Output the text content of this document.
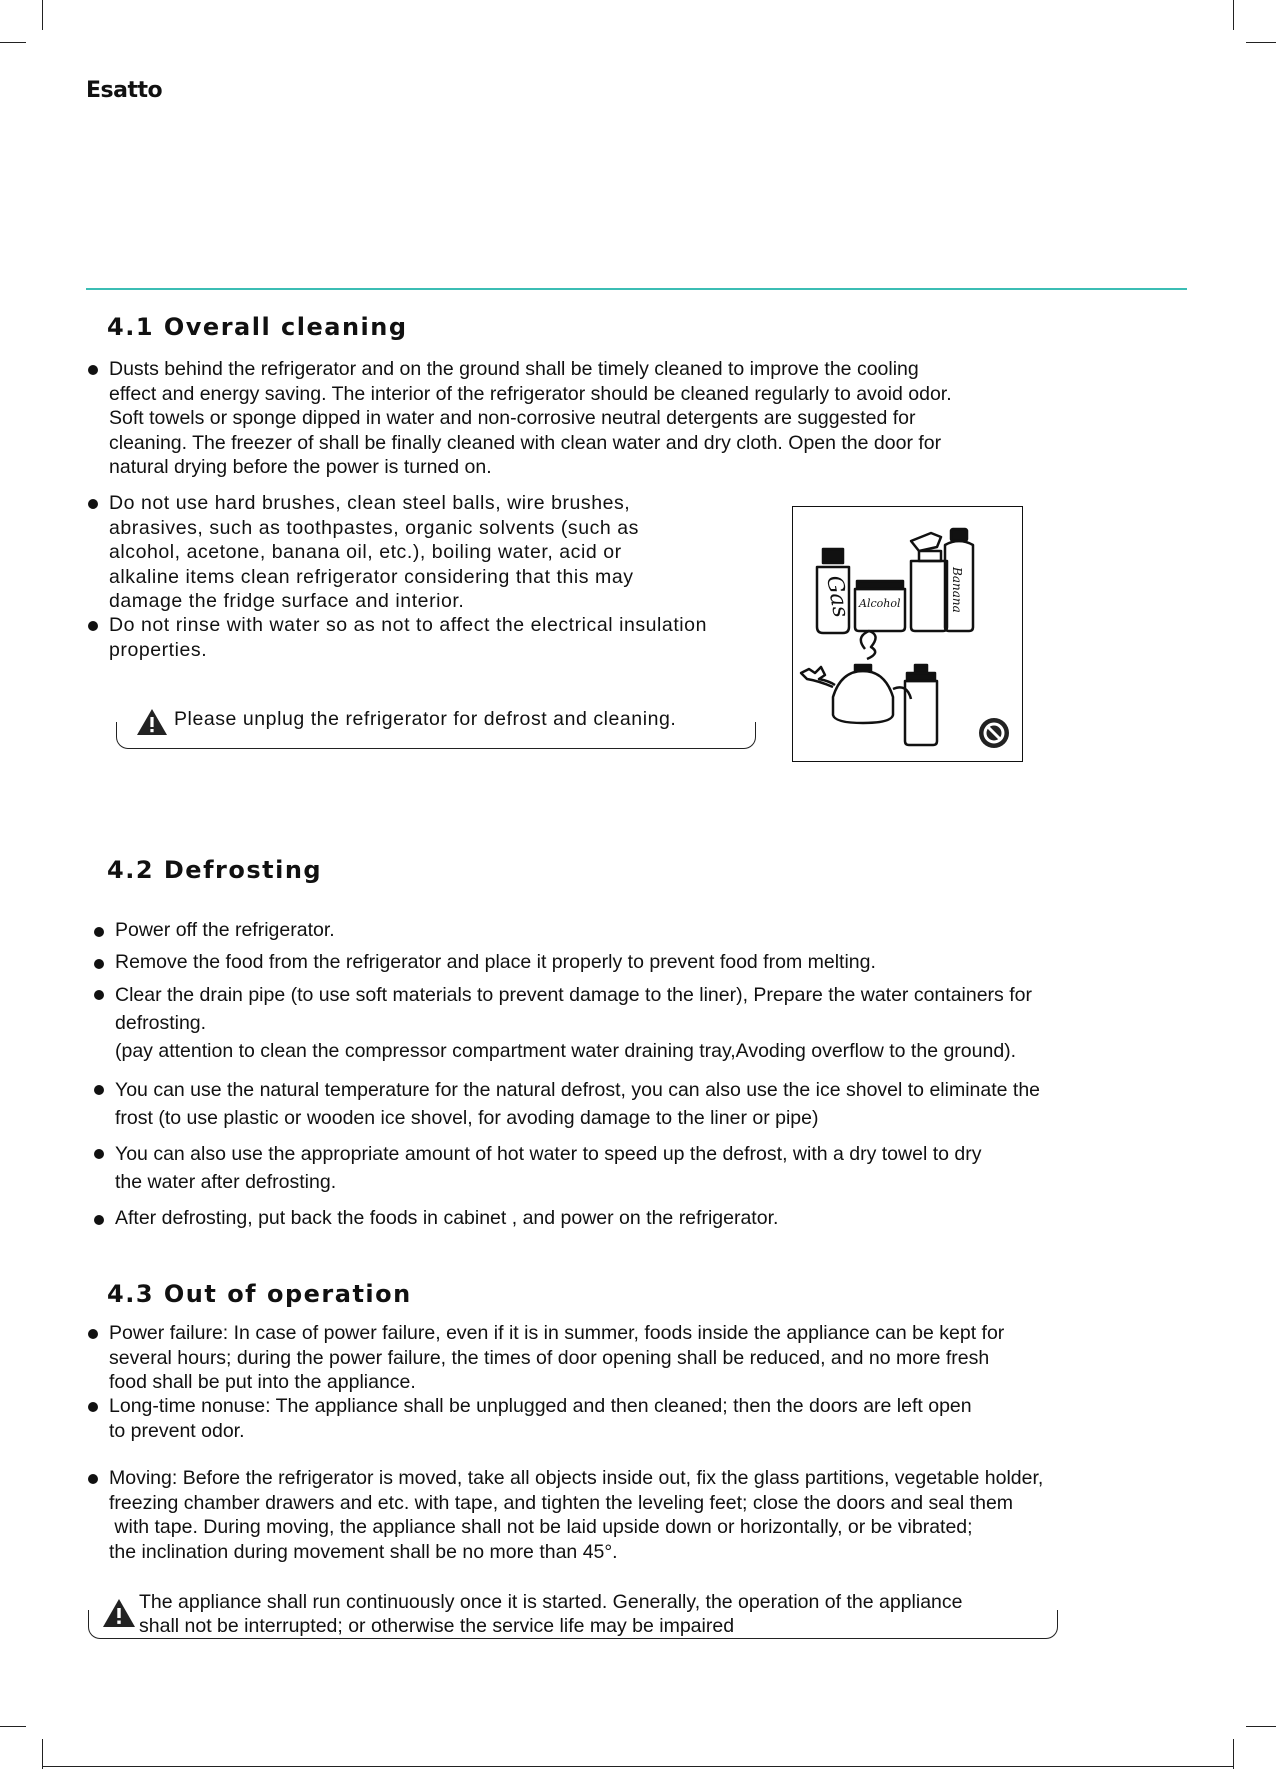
Esatto
4.1 Overall cleaning
Dusts behind the refrigerator and on the ground shall be timely cleaned to improve the cooling
effect and energy saving. The interior of the refrigerator should be cleaned regularly to avoid odor.
Soft towels or sponge dipped in water and non-corrosive neutral detergents are suggested for
cleaning. The freezer of shall be finally cleaned with clean water and dry cloth. Open the door for
natural drying before the power is turned on.
Do not use hard brushes, clean steel balls, wire brushes,
abrasives, such as toothpastes, organic solvents (such as
alcohol, acetone, banana oil, etc.), boiling water, acid or
alkaline items clean refrigerator considering that this may
damage the fridge surface and interior.
Do not rinse with water so as not to affect the electrical insulation
properties.
Please unplug the refrigerator for defrost and cleaning.
Gas Alcohol	Banana
4.2 Defrosting
Power off the refrigerator.
Remove the food from the refrigerator and place it properly to prevent food from melting.
Clear the drain pipe (to use soft materials to prevent damage to the liner), Prepare the water containers for
defrosting.
(pay attention to clean the compressor compartment water draining tray,Avoding overflow to the ground).
You can use the natural temperature for the natural defrost, you can also use the ice shovel to eliminate the
frost (to use plastic or wooden ice shovel, for avoding damage to the liner or pipe)
You can also use the appropriate amount of hot water to speed up the defrost, with a dry towel to dry
the water after defrosting.
After defrosting, put back the foods in cabinet , and power on the refrigerator.
4.3 Out of operation
Power failure: In case of power failure, even if it is in summer, foods inside the appliance can be kept for
several hours; during the power failure, the times of door opening shall be reduced, and no more fresh
food shall be put into the appliance.
Long-time nonuse: The appliance shall be unplugged and then cleaned; then the doors are left open
to prevent odor.
Moving: Before the refrigerator is moved, take all objects inside out, fix the glass partitions, vegetable holder,
freezing chamber drawers and etc. with tape, and tighten the leveling feet; close the doors and seal them
with tape. During moving, the appliance shall not be laid upside down or horizontally, or be vibrated;
the inclination during movement shall be no more than 45°.
The appliance shall run continuously once it is started. Generally, the operation of the appliance
shall not be interrupted; or otherwise the service life may be impaired
